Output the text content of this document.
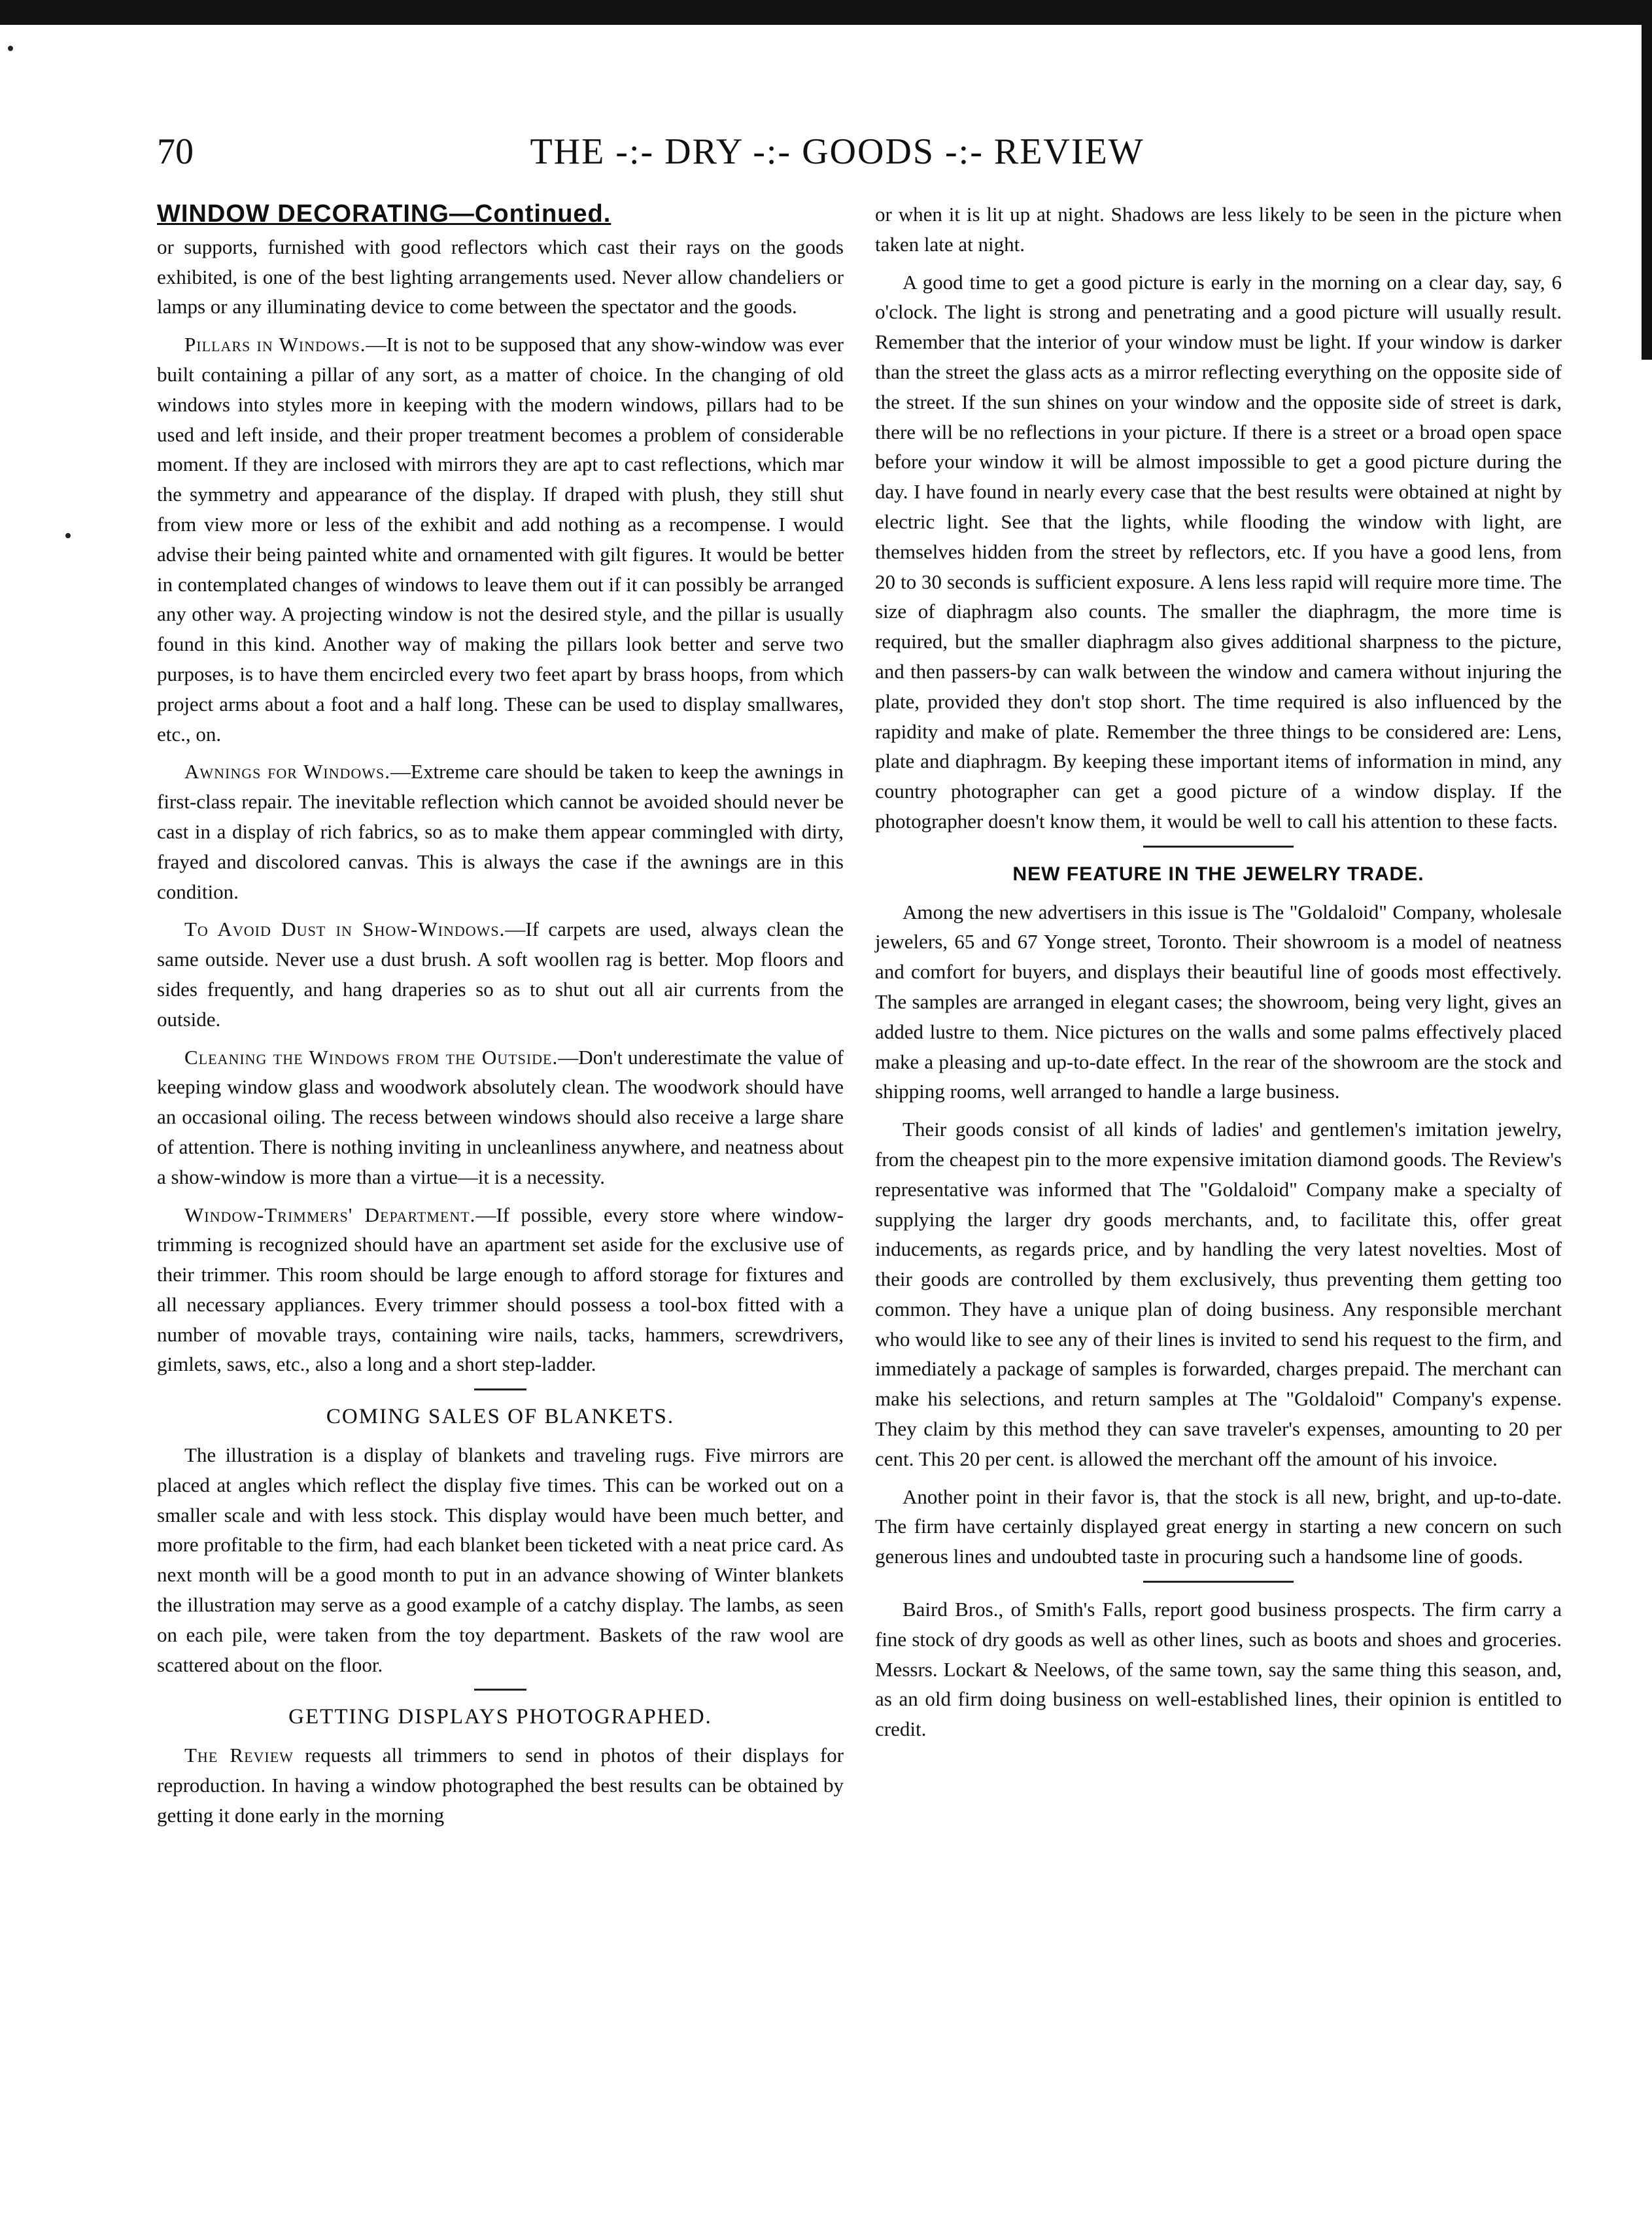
70	THE -:- DRY -:- GOODS -:- REVIEW
WINDOW DECORATING—Continued.

or supports, furnished with good reflectors which cast their rays on the goods exhibited, is one of the best lighting arrangements used. Never allow chandeliers or lamps or any illuminating device to come between the spectator and the goods.

Pillars in Windows.—It is not to be supposed that any show-window was ever built containing a pillar of any sort, as a matter of choice. In the changing of old windows into styles more in keeping with the modern windows, pillars had to be used and left inside, and their proper treatment becomes a problem of considerable moment. If they are inclosed with mirrors they are apt to cast reflections, which mar the symmetry and appearance of the display. If draped with plush, they still shut from view more or less of the exhibit and add nothing as a recompense. I would advise their being painted white and ornamented with gilt figures. It would be better in contemplated changes of windows to leave them out if it can possibly be arranged any other way. A projecting window is not the desired style, and the pillar is usually found in this kind. Another way of making the pillars look better and serve two purposes, is to have them encircled every two feet apart by brass hoops, from which project arms about a foot and a half long. These can be used to display smallwares, etc., on.

Awnings for Windows.—Extreme care should be taken to keep the awnings in first-class repair. The inevitable reflection which cannot be avoided should never be cast in a display of rich fabrics, so as to make them appear commingled with dirty, frayed and discolored canvas. This is always the case if the awnings are in this condition.

To Avoid Dust in Show-Windows.—If carpets are used, always clean the same outside. Never use a dust brush. A soft woollen rag is better. Mop floors and sides frequently, and hang draperies so as to shut out all air currents from the outside.

Cleaning the Windows from the Outside.—Don't underestimate the value of keeping window glass and woodwork absolutely clean. The woodwork should have an occasional oiling. The recess between windows should also receive a large share of attention. There is nothing inviting in uncleanliness anywhere, and neatness about a show-window is more than a virtue—it is a necessity.

Window-Trimmers' Department.—If possible, every store where window-trimming is recognized should have an apartment set aside for the exclusive use of their trimmer. This room should be large enough to afford storage for fixtures and all necessary appliances. Every trimmer should possess a tool-box fitted with a number of movable trays, containing wire nails, tacks, hammers, screwdrivers, gimlets, saws, etc., also a long and a short step-ladder.

COMING SALES OF BLANKETS.

The illustration is a display of blankets and traveling rugs. Five mirrors are placed at angles which reflect the display five times. This can be worked out on a smaller scale and with less stock. This display would have been much better, and more profitable to the firm, had each blanket been ticketed with a neat price card. As next month will be a good month to put in an advance showing of Winter blankets the illustration may serve as a good example of a catchy display. The lambs, as seen on each pile, were taken from the toy department. Baskets of the raw wool are scattered about on the floor.

GETTING DISPLAYS PHOTOGRAPHED.

The Review requests all trimmers to send in photos of their displays for reproduction. In having a window photographed the best results can be obtained by getting it done early in the morning

or when it is lit up at night. Shadows are less likely to be seen in the picture when taken late at night.

A good time to get a good picture is early in the morning on a clear day, say, 6 o'clock. The light is strong and penetrating and a good picture will usually result. Remember that the interior of your window must be light. If your window is darker than the street the glass acts as a mirror reflecting everything on the opposite side of the street. If the sun shines on your window and the opposite side of street is dark, there will be no reflections in your picture. If there is a street or a broad open space before your window it will be almost impossible to get a good picture during the day. I have found in nearly every case that the best results were obtained at night by electric light. See that the lights, while flooding the window with light, are themselves hidden from the street by reflectors, etc. If you have a good lens, from 20 to 30 seconds is sufficient exposure. A lens less rapid will require more time. The size of diaphragm also counts. The smaller the diaphragm, the more time is required, but the smaller diaphragm also gives additional sharpness to the picture, and then passers-by can walk between the window and camera without injuring the plate, provided they don't stop short. The time required is also influenced by the rapidity and make of plate. Remember the three things to be considered are: Lens, plate and diaphragm. By keeping these important items of information in mind, any country photographer can get a good picture of a window display. If the photographer doesn't know them, it would be well to call his attention to these facts.

NEW FEATURE IN THE JEWELRY TRADE.

Among the new advertisers in this issue is The "Goldaloid" Company, wholesale jewelers, 65 and 67 Yonge street, Toronto. Their showroom is a model of neatness and comfort for buyers, and displays their beautiful line of goods most effectively. The samples are arranged in elegant cases; the showroom, being very light, gives an added lustre to them. Nice pictures on the walls and some palms effectively placed make a pleasing and up-to-date effect. In the rear of the showroom are the stock and shipping rooms, well arranged to handle a large business.

Their goods consist of all kinds of ladies' and gentlemen's imitation jewelry, from the cheapest pin to the more expensive imitation diamond goods. The Review's representative was informed that The "Goldaloid" Company make a specialty of supplying the larger dry goods merchants, and, to facilitate this, offer great inducements, as regards price, and by handling the very latest novelties. Most of their goods are controlled by them exclusively, thus preventing them getting too common. They have a unique plan of doing business. Any responsible merchant who would like to see any of their lines is invited to send his request to the firm, and immediately a package of samples is forwarded, charges prepaid. The merchant can make his selections, and return samples at The "Goldaloid" Company's expense. They claim by this method they can save traveler's expenses, amounting to 20 per cent. This 20 per cent. is allowed the merchant off the amount of his invoice.

Another point in their favor is, that the stock is all new, bright, and up-to-date. The firm have certainly displayed great energy in starting a new concern on such generous lines and undoubted taste in procuring such a handsome line of goods.

Baird Bros., of Smith's Falls, report good business prospects. The firm carry a fine stock of dry goods as well as other lines, such as boots and shoes and groceries. Messrs. Lockart & Neelows, of the same town, say the same thing this season, and, as an old firm doing business on well-established lines, their opinion is entitled to credit.
